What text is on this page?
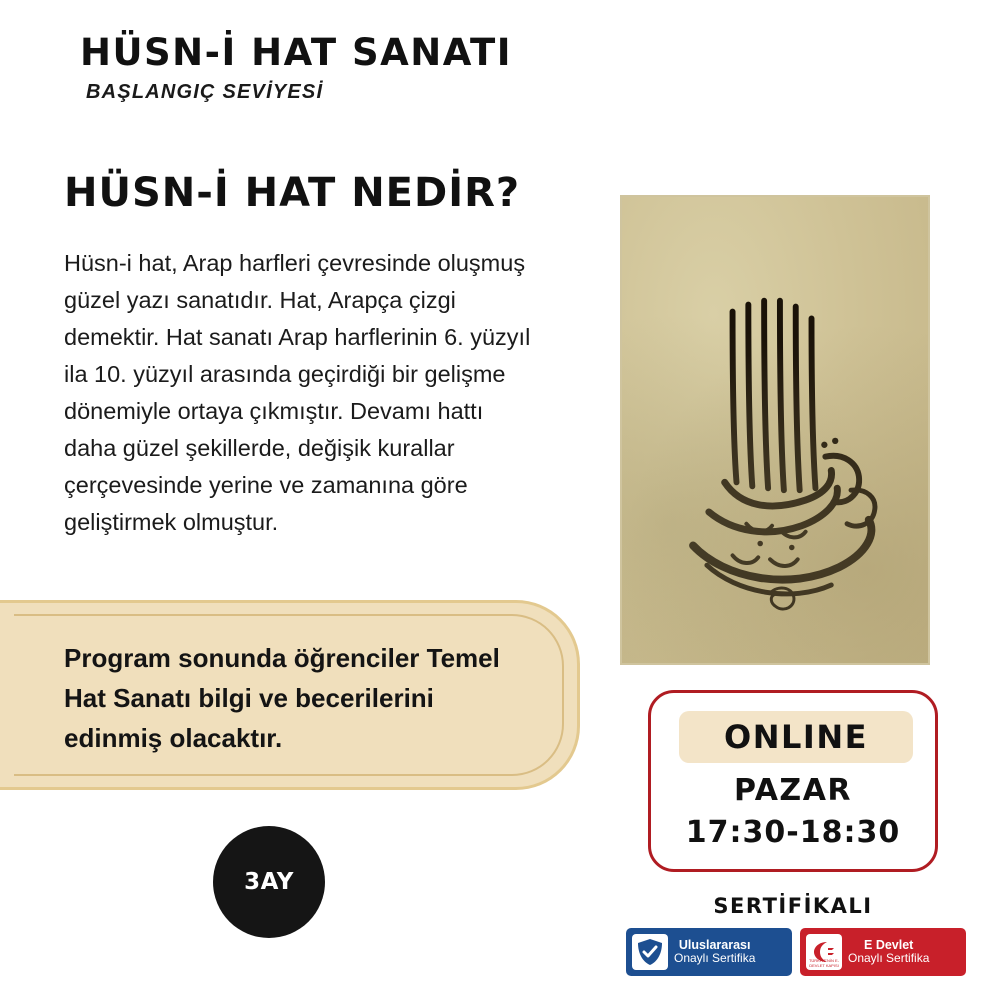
HÜSN-İ HAT SANATI
BAŞLANGIÇ SEVİYESİ
HÜSN-İ HAT NEDİR?

Hüsn-i hat, Arap harfleri çevresinde oluşmuş güzel yazı sanatıdır. Hat, Arapça çizgi demektir. Hat sanatı Arap harflerinin 6. yüzyıl ila 10. yüzyıl arasında geçirdiği bir gelişme dönemiyle ortaya çıkmıştır. Devamı hattı daha güzel şekillerde, değişik kurallar çerçevesinde yerine ve zamanına göre geliştirmek olmuştur.

Program sonunda öğrenciler Temel Hat Sanatı bilgi ve becerilerini edinmiş olacaktır.
3AY
ONLINE
PAZAR
17:30-18:30
SERTİFİKALI
Uluslararası
Onaylı Sertifika	TÜRKİYE'NİN E-DEVLET KAPISI
E Devlet
Onaylı Sertifika
